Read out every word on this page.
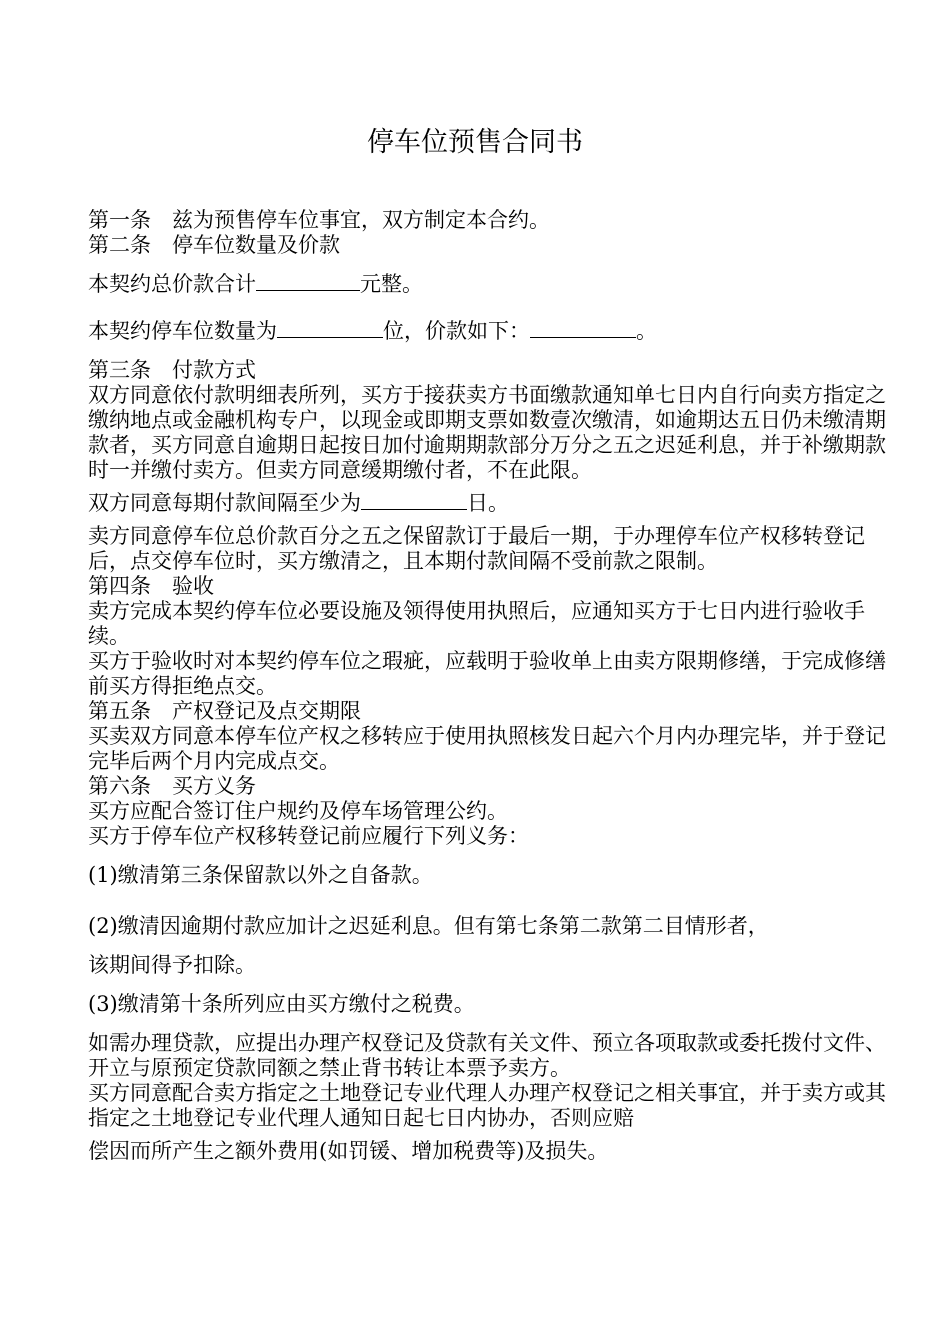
停车位预售合同书

第一条　兹为预售停车位事宜，双方制定本合约。

第二条　停车位数量及价款

本契约总价款合计	元整。

本契约停车位数量为	位，价款如下：	。

第三条　付款方式

双方同意依付款明细表所列，买方于接获卖方书面缴款通知单七日内自行向卖方指定之缴纳地点或金融机构专户，以现金或即期支票如数壹次缴清，如逾期达五日仍未缴清期款者，买方同意自逾期日起按日加付逾期期款部分万分之五之迟延利息，并于补缴期款时一并缴付卖方。但卖方同意缓期缴付者，不在此限。

双方同意每期付款间隔至少为	日。

卖方同意停车位总价款百分之五之保留款订于最后一期，于办理停车位产权移转登记后，点交停车位时，买方缴清之，且本期付款间隔不受前款之限制。

第四条　验收

卖方完成本契约停车位必要设施及领得使用执照后，应通知买方于七日内进行验收手续。

买方于验收时对本契约停车位之瑕疵，应载明于验收单上由卖方限期修缮，于完成修缮前买方得拒绝点交。

第五条　产权登记及点交期限

买卖双方同意本停车位产权之移转应于使用执照核发日起六个月内办理完毕，并于登记完毕后两个月内完成点交。

第六条　买方义务

买方应配合签订住户规约及停车场管理公约。

买方于停车位产权移转登记前应履行下列义务：

(1)缴清第三条保留款以外之自备款。

(2)缴清因逾期付款应加计之迟延利息。但有第七条第二款第二目情形者，

该期间得予扣除。

(3)缴清第十条所列应由买方缴付之税费。

如需办理贷款，应提出办理产权登记及贷款有关文件、预立各项取款或委托拨付文件、开立与原预定贷款同额之禁止背书转让本票予卖方。

买方同意配合卖方指定之土地登记专业代理人办理产权登记之相关事宜，并于卖方或其指定之土地登记专业代理人通知日起七日内协办，否则应赔

偿因而所产生之额外费用(如罚锾、增加税费等)及损失。
